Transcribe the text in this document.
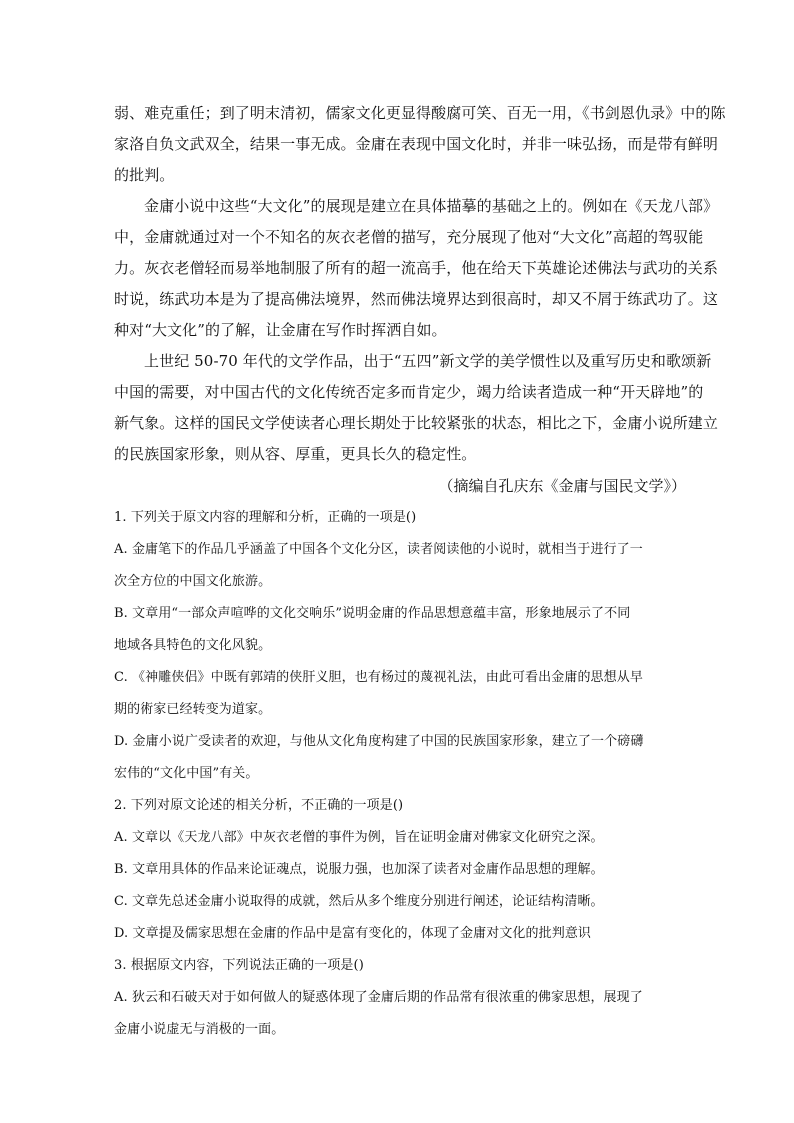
弱、难克重任；到了明末清初，儒家文化更显得酸腐可笑、百无一用，《书剑恩仇录》中的陈
家洛自负文武双全，结果一事无成。金庸在表现中国文化时，并非一味弘扬，而是带有鲜明
的批判。
金庸小说中这些“大文化”的展现是建立在具体描摹的基础之上的。例如在《天龙八部》
中，金庸就通过对一个不知名的灰衣老僧的描写，充分展现了他对“大文化”高超的驾驭能
力。灰衣老僧轻而易举地制服了所有的超一流高手，他在给天下英雄论述佛法与武功的关系
时说，练武功本是为了提高佛法境界，然而佛法境界达到很高时，却又不屑于练武功了。这
种对“大文化”的了解，让金庸在写作时挥洒自如。
上世纪 50-70 年代的文学作品，出于“五四”新文学的美学惯性以及重写历史和歌颂新
中国的需要，对中国古代的文化传统否定多而肯定少，竭力给读者造成一种“开天辟地”的
新气象。这样的国民文学使读者心理长期处于比较紧张的状态，相比之下，金庸小说所建立
的民族国家形象，则从容、厚重，更具长久的稳定性。
（摘编自孔庆东《金庸与国民文学》）
1. 下列关于原文内容的理解和分析，正确的一项是()
A. 金庸笔下的作品几乎涵盖了中国各个文化分区，读者阅读他的小说时，就相当于进行了一
次全方位的中国文化旅游。
B. 文章用“一部众声喧哗的文化交响乐”说明金庸的作品思想意蕴丰富，形象地展示了不同
地域各具特色的文化风貌。
C. 《神雕侠侣》中既有郭靖的侠肝义胆，也有杨过的蔑视礼法，由此可看出金庸的思想从早
期的術家已经转变为道家。
D. 金庸小说广受读者的欢迎，与他从文化角度构建了中国的民族国家形象，建立了一个磅礴
宏伟的“文化中国”有关。
2. 下列对原文论述的相关分析，不正确的一项是()
A. 文章以《天龙八部》中灰衣老僧的事件为例，旨在证明金庸对佛家文化研究之深。
B. 文章用具体的作品来论证魂点，说服力强，也加深了读者对金庸作品思想的理解。
C. 文章先总述金庸小说取得的成就，然后从多个维度分别进行阐述，论证结构清晰。
D. 文章提及儒家思想在金庸的作品中是富有变化的，体现了金庸对文化的批判意识
3. 根据原文内容，下列说法正确的一项是()
A. 狄云和石破天对于如何做人的疑惑体现了金庸后期的作品常有很浓重的佛家思想，展现了
金庸小说虚无与消极的一面。
